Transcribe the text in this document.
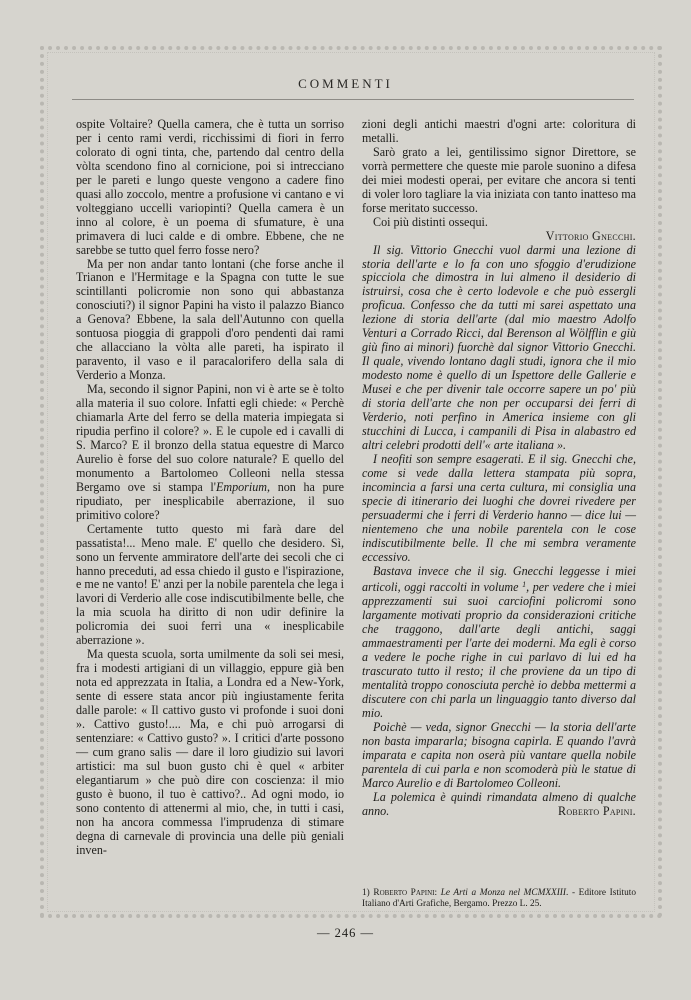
COMMENTI

ospite Voltaire? Quella camera, che è tutta un sorriso per i cento rami verdi, ricchissimi di fiori in ferro colorato di ogni tinta, che, partendo dal centro della vòlta scendono fino al cornicione, poi si intrecciano per le pareti e lungo queste vengono a cadere fino quasi allo zoccolo, mentre a profusione vi cantano e vi volteggiano uccelli variopinti? Quella camera è un inno al colore, è un poema di sfumature, è una primavera di luci calde e di ombre. Ebbene, che ne sarebbe se tutto quel ferro fosse nero?

Ma per non andar tanto lontani (che forse anche il Trianon e l'Hermitage e la Spagna con tutte le sue scintillanti policromie non sono qui abbastanza conosciuti?) il signor Papini ha visto il palazzo Bianco a Genova? Ebbene, la sala dell'Autunno con quella sontuosa pioggia di grappoli d'oro pendenti dai rami che allacciano la vòlta alle pareti, ha ispirato il paravento, il vaso e il paracalorifero della sala di Verderio a Monza.

Ma, secondo il signor Papini, non vi è arte se è tolto alla materia il suo colore. Infatti egli chiede: « Perchè chiamarla Arte del ferro se della materia impiegata si ripudia perfino il colore? ». E le cupole ed i cavalli di S. Marco? E il bronzo della statua equestre di Marco Aurelio è forse del suo colore naturale? E quello del monumento a Bartolomeo Colleoni nella stessa Bergamo ove si stampa l'Emporium, non ha pure ripudiato, per inesplicabile aberrazione, il suo primitivo colore?

Certamente tutto questo mi farà dare del passatista!... Meno male. E' quello che desidero. Sì, sono un fervente ammiratore dell'arte dei secoli che ci hanno preceduti, ad essa chiedo il gusto e l'ispirazione, e me ne vanto! E' anzi per la nobile parentela che lega i lavori di Verderio alle cose indiscutibilmente belle, che la mia scuola ha diritto di non udir definire la policromia dei suoi ferri una « inesplicabile aberrazione ».

Ma questa scuola, sorta umilmente da soli sei mesi, fra i modesti artigiani di un villaggio, eppure già ben nota ed apprezzata in Italia, a Londra ed a New-York, sente di essere stata ancor più ingiustamente ferita dalle parole: « Il cattivo gusto vi profonde i suoi doni ». Cattivo gusto!.... Ma, e chi può arrogarsi di sentenziare: « Cattivo gusto? ». I critici d'arte possono — cum grano salis — dare il loro giudizio sui lavori artistici: ma sul buon gusto chi è quel « arbiter elegantiarum » che può dire con coscienza: il mio gusto è buono, il tuo è cattivo?.. Ad ogni modo, io sono contento di attenermi al mio, che, in tutti i casi, non ha ancora commessa l'imprudenza di stimare degna di carnevale di provincia una delle più geniali inven-

zioni degli antichi maestri d'ogni arte: coloritura di metalli.

Sarò grato a lei, gentilissimo signor Direttore, se vorrà permettere che queste mie parole suonino a difesa dei miei modesti operai, per evitare che ancora si tenti di voler loro tagliare la via iniziata con tanto inatteso ma forse meritato successo.

Coi più distinti ossequi.

Vittorio Gnecchi.

Il sig. Vittorio Gnecchi vuol darmi una lezione di storia dell'arte e lo fa con uno sfoggio d'erudizione spicciola che dimostra in lui almeno il desiderio di istruirsi, cosa che è certo lodevole e che può essergli proficua. Confesso che da tutti mi sarei aspettato una lezione di storia dell'arte (dal mio maestro Adolfo Venturi a Corrado Ricci, dal Berenson al Wölfflin e giù giù fino ai minori) fuorchè dal signor Vittorio Gnecchi. Il quale, vivendo lontano dagli studi, ignora che il mio modesto nome è quello di un Ispettore delle Gallerie e Musei e che per divenir tale occorre sapere un po' più di storia dell'arte che non per occuparsi dei ferri di Verderio, noti perfino in America insieme con gli stucchini di Lucca, i campanili di Pisa in alabastro ed altri celebri prodotti dell'« arte italiana ».

I neofiti son sempre esagerati. E il sig. Gnecchi che, come si vede dalla lettera stampata più sopra, incomincia a farsi una certa cultura, mi consiglia una specie di itinerario dei luoghi che dovrei rivedere per persuadermi che i ferri di Verderio hanno — dice lui — nientemeno che una nobile parentela con le cose indiscutibilmente belle. Il che mi sembra veramente eccessivo.

Bastava invece che il sig. Gnecchi leggesse i miei articoli, oggi raccolti in volume $^1$, per vedere che i miei apprezzamenti sui suoi carciofini policromi sono largamente motivati proprio da considerazioni critiche che traggono, dall'arte degli antichi, saggi ammaestramenti per l'arte dei moderni. Ma egli è corso a vedere le poche righe in cui parlavo di lui ed ha trascurato tutto il resto; il che proviene da un tipo di mentalità troppo conosciuta perchè io debba mettermi a discutere con chi parla un linguaggio tanto diverso dal mio.

Poichè — veda, signor Gnecchi — la storia dell'arte non basta impararla; bisogna capirla. E quando l'avrà imparata e capita non oserà più vantare quella nobile parentela di cui parla e non scomoderà più le statue di Marco Aurelio e di Bartolomeo Colleoni.

La polemica è quindi rimandata almeno di qualche anno.	Roberto Papini.

1) Roberto Papini: Le Arti a Monza nel MCMXXIII. - Editore Istituto Italiano d'Arti Grafiche, Bergamo. Prezzo L. 25.
— 246 —
